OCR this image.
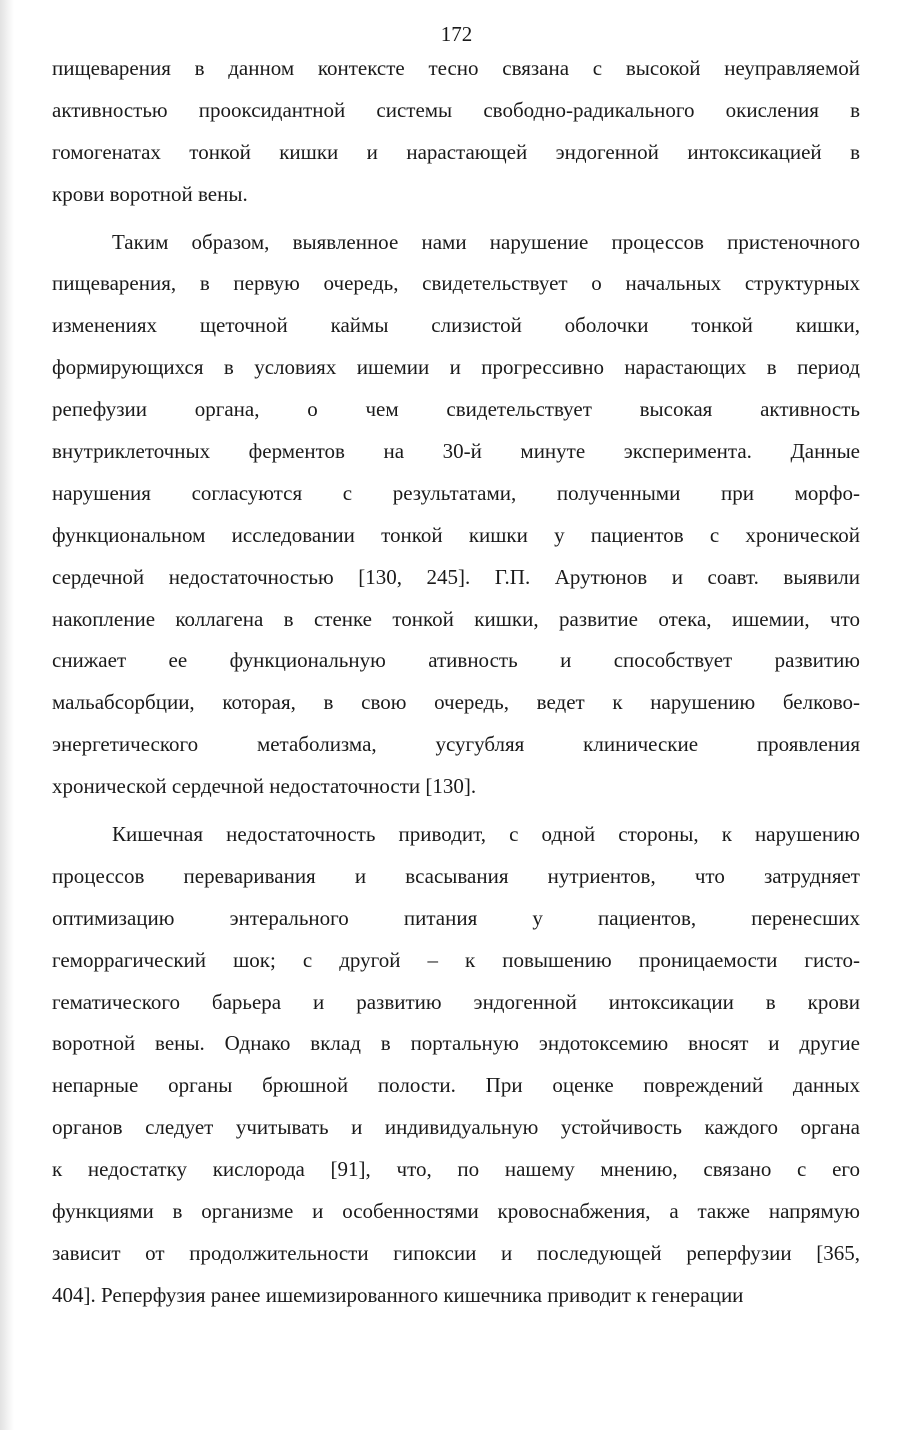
172
пищеварения в данном контексте тесно связана с высокой неуправляемой
активностью прооксидантной системы свободно-радикального окисления в
гомогенатах тонкой кишки и нарастающей эндогенной интоксикацией в
крови воротной вены.
Таким образом, выявленное нами нарушение процессов пристеночного
пищеварения, в первую очередь, свидетельствует о начальных структурных
изменениях щеточной каймы слизистой оболочки тонкой кишки,
формирующихся в условиях ишемии и прогрессивно нарастающих в период
репефузии органа, о чем свидетельствует высокая активность
внутриклеточных ферментов на 30-й минуте эксперимента. Данные
нарушения согласуются с результатами, полученными при морфо-
функциональном исследовании тонкой кишки у пациентов с хронической
сердечной недостаточностью [130, 245]. Г.П. Арутюнов и соавт. выявили
накопление коллагена в стенке тонкой кишки, развитие отека, ишемии, что
снижает ее функциональную ативность и способствует развитию
мальабсорбции, которая, в свою очередь, ведет к нарушению белково-
энергетического метаболизма, усугубляя клинические проявления
хронической сердечной недостаточности [130].
Кишечная недостаточность приводит, с одной стороны, к нарушению
процессов переваривания и всасывания нутриентов, что затрудняет
оптимизацию энтерального питания у пациентов, перенесших
геморрагический шок; с другой – к повышению проницаемости гисто-
гематического барьера и развитию эндогенной интоксикации в крови
воротной вены. Однако вклад в портальную эндотоксемию вносят и другие
непарные органы брюшной полости. При оценке повреждений данных
органов следует учитывать и индивидуальную устойчивость каждого органа
к недостатку кислорода [91], что, по нашему мнению, связано с его
функциями в организме и особенностями кровоснабжения, а также напрямую
зависит от продолжительности гипоксии и последующей реперфузии [365,
404]. Реперфузия ранее ишемизированного кишечника приводит к генерации
